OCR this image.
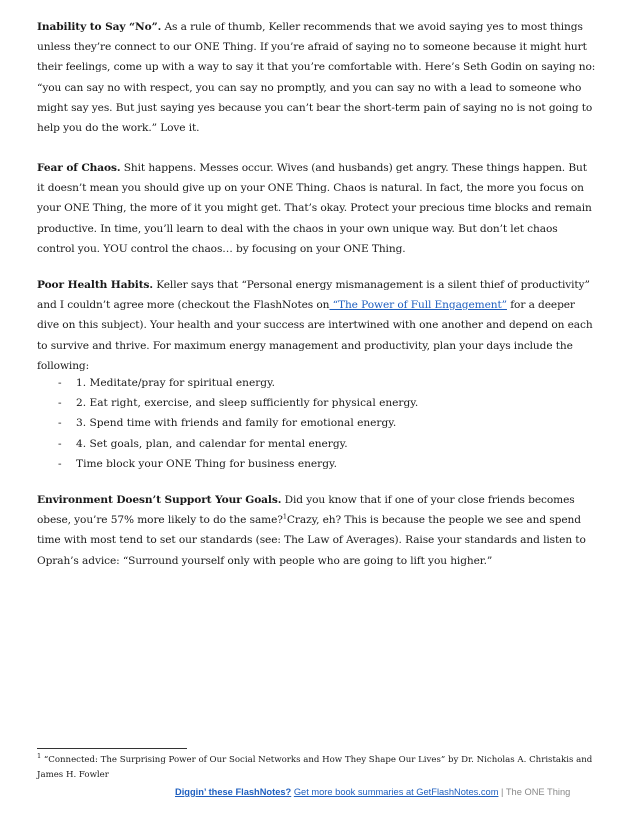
Inability to Say “No”. As a rule of thumb, Keller recommends that we avoid saying yes to most things unless they’re connect to our ONE Thing. If you’re afraid of saying no to someone because it might hurt their feelings, come up with a way to say it that you’re comfortable with. Here’s Seth Godin on saying no: “you can say no with respect, you can say no promptly, and you can say no with a lead to someone who might say yes. But just saying yes because you can’t bear the short-term pain of saying no is not going to help you do the work.” Love it.

Fear of Chaos. Shit happens. Messes occur. Wives (and husbands) get angry. These things happen. But it doesn’t mean you should give up on your ONE Thing. Chaos is natural. In fact, the more you focus on your ONE Thing, the more of it you might get. That’s okay. Protect your precious time blocks and remain productive. In time, you’ll learn to deal with the chaos in your own unique way. But don’t let chaos control you. YOU control the chaos… by focusing on your ONE Thing.

Poor Health Habits. Keller says that “Personal energy mismanagement is a silent thief of productivity” and I couldn’t agree more (checkout the FlashNotes on “The Power of Full Engagement” for a deeper dive on this subject). Your health and your success are intertwined with one another and depend on each to survive and thrive. For maximum energy management and productivity, plan your days include the following:

- 1. Meditate/pray for spiritual energy.
- 2. Eat right, exercise, and sleep sufficiently for physical energy.
- 3. Spend time with friends and family for emotional energy.
- 4. Set goals, plan, and calendar for mental energy.
- Time block your ONE Thing for business energy.

Environment Doesn’t Support Your Goals. Did you know that if one of your close friends becomes obese, you’re 57% more likely to do the same?$^1$Crazy, eh? This is because the people we see and spend time with most tend to set our standards (see: The Law of Averages). Raise your standards and listen to Oprah’s advice: “Surround yourself only with people who are going to lift you higher.”

$^1$ “Connected: The Surprising Power of Our Social Networks and How They Shape Our Lives” by Dr. Nicholas A. Christakis and James H. Fowler
Diggin’ these FlashNotes? Get more book summaries at GetFlashNotes.com | The ONE Thing
